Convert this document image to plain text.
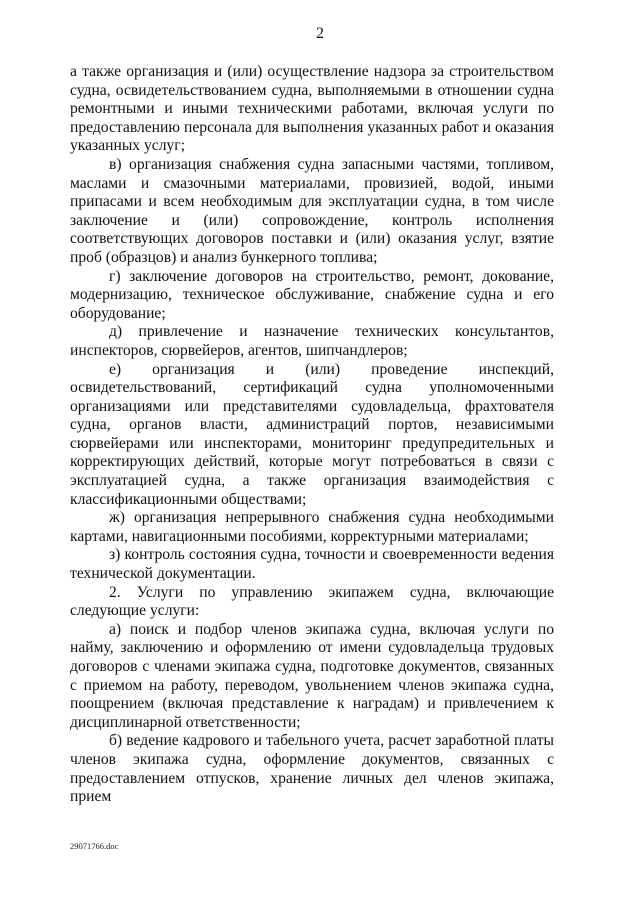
2

а также организация и (или) осуществление надзора за строительством судна, освидетельствованием судна, выполняемыми в отношении судна ремонтными и иными техническими работами, включая услуги по предоставлению персонала для выполнения указанных работ и оказания указанных услуг;

в) организация снабжения судна запасными частями, топливом, маслами и смазочными материалами, провизией, водой, иными припасами и всем необходимым для эксплуатации судна, в том числе заключение и (или) сопровождение, контроль исполнения соответствующих договоров поставки и (или) оказания услуг, взятие проб (образцов) и анализ бункерного топлива;

г) заключение договоров на строительство, ремонт, докование, модернизацию, техническое обслуживание, снабжение судна и его оборудование;

д) привлечение и назначение технических консультантов, инспекторов, сюрвейеров, агентов, шипчандлеров;

е) организация и (или) проведение инспекций, освидетельствований, сертификаций судна уполномоченными организациями или представителями судовладельца, фрахтователя судна, органов власти, администраций портов, независимыми сюрвейерами или инспекторами, мониторинг предупредительных и корректирующих действий, которые могут потребоваться в связи с эксплуатацией судна, а также организация взаимодействия с классификационными обществами;

ж) организация непрерывного снабжения судна необходимыми картами, навигационными пособиями, корректурными материалами;

з) контроль состояния судна, точности и своевременности ведения технической документации.

2. Услуги по управлению экипажем судна, включающие следующие услуги:

а) поиск и подбор членов экипажа судна, включая услуги по найму, заключению и оформлению от имени судовладельца трудовых договоров с членами экипажа судна, подготовке документов, связанных с приемом на работу, переводом, увольнением членов экипажа судна, поощрением (включая представление к наградам) и привлечением к дисциплинарной ответственности;

б) ведение кадрового и табельного учета, расчет заработной платы членов экипажа судна, оформление документов, связанных с предоставлением отпусков, хранение личных дел членов экипажа, прием

29071766.doc
